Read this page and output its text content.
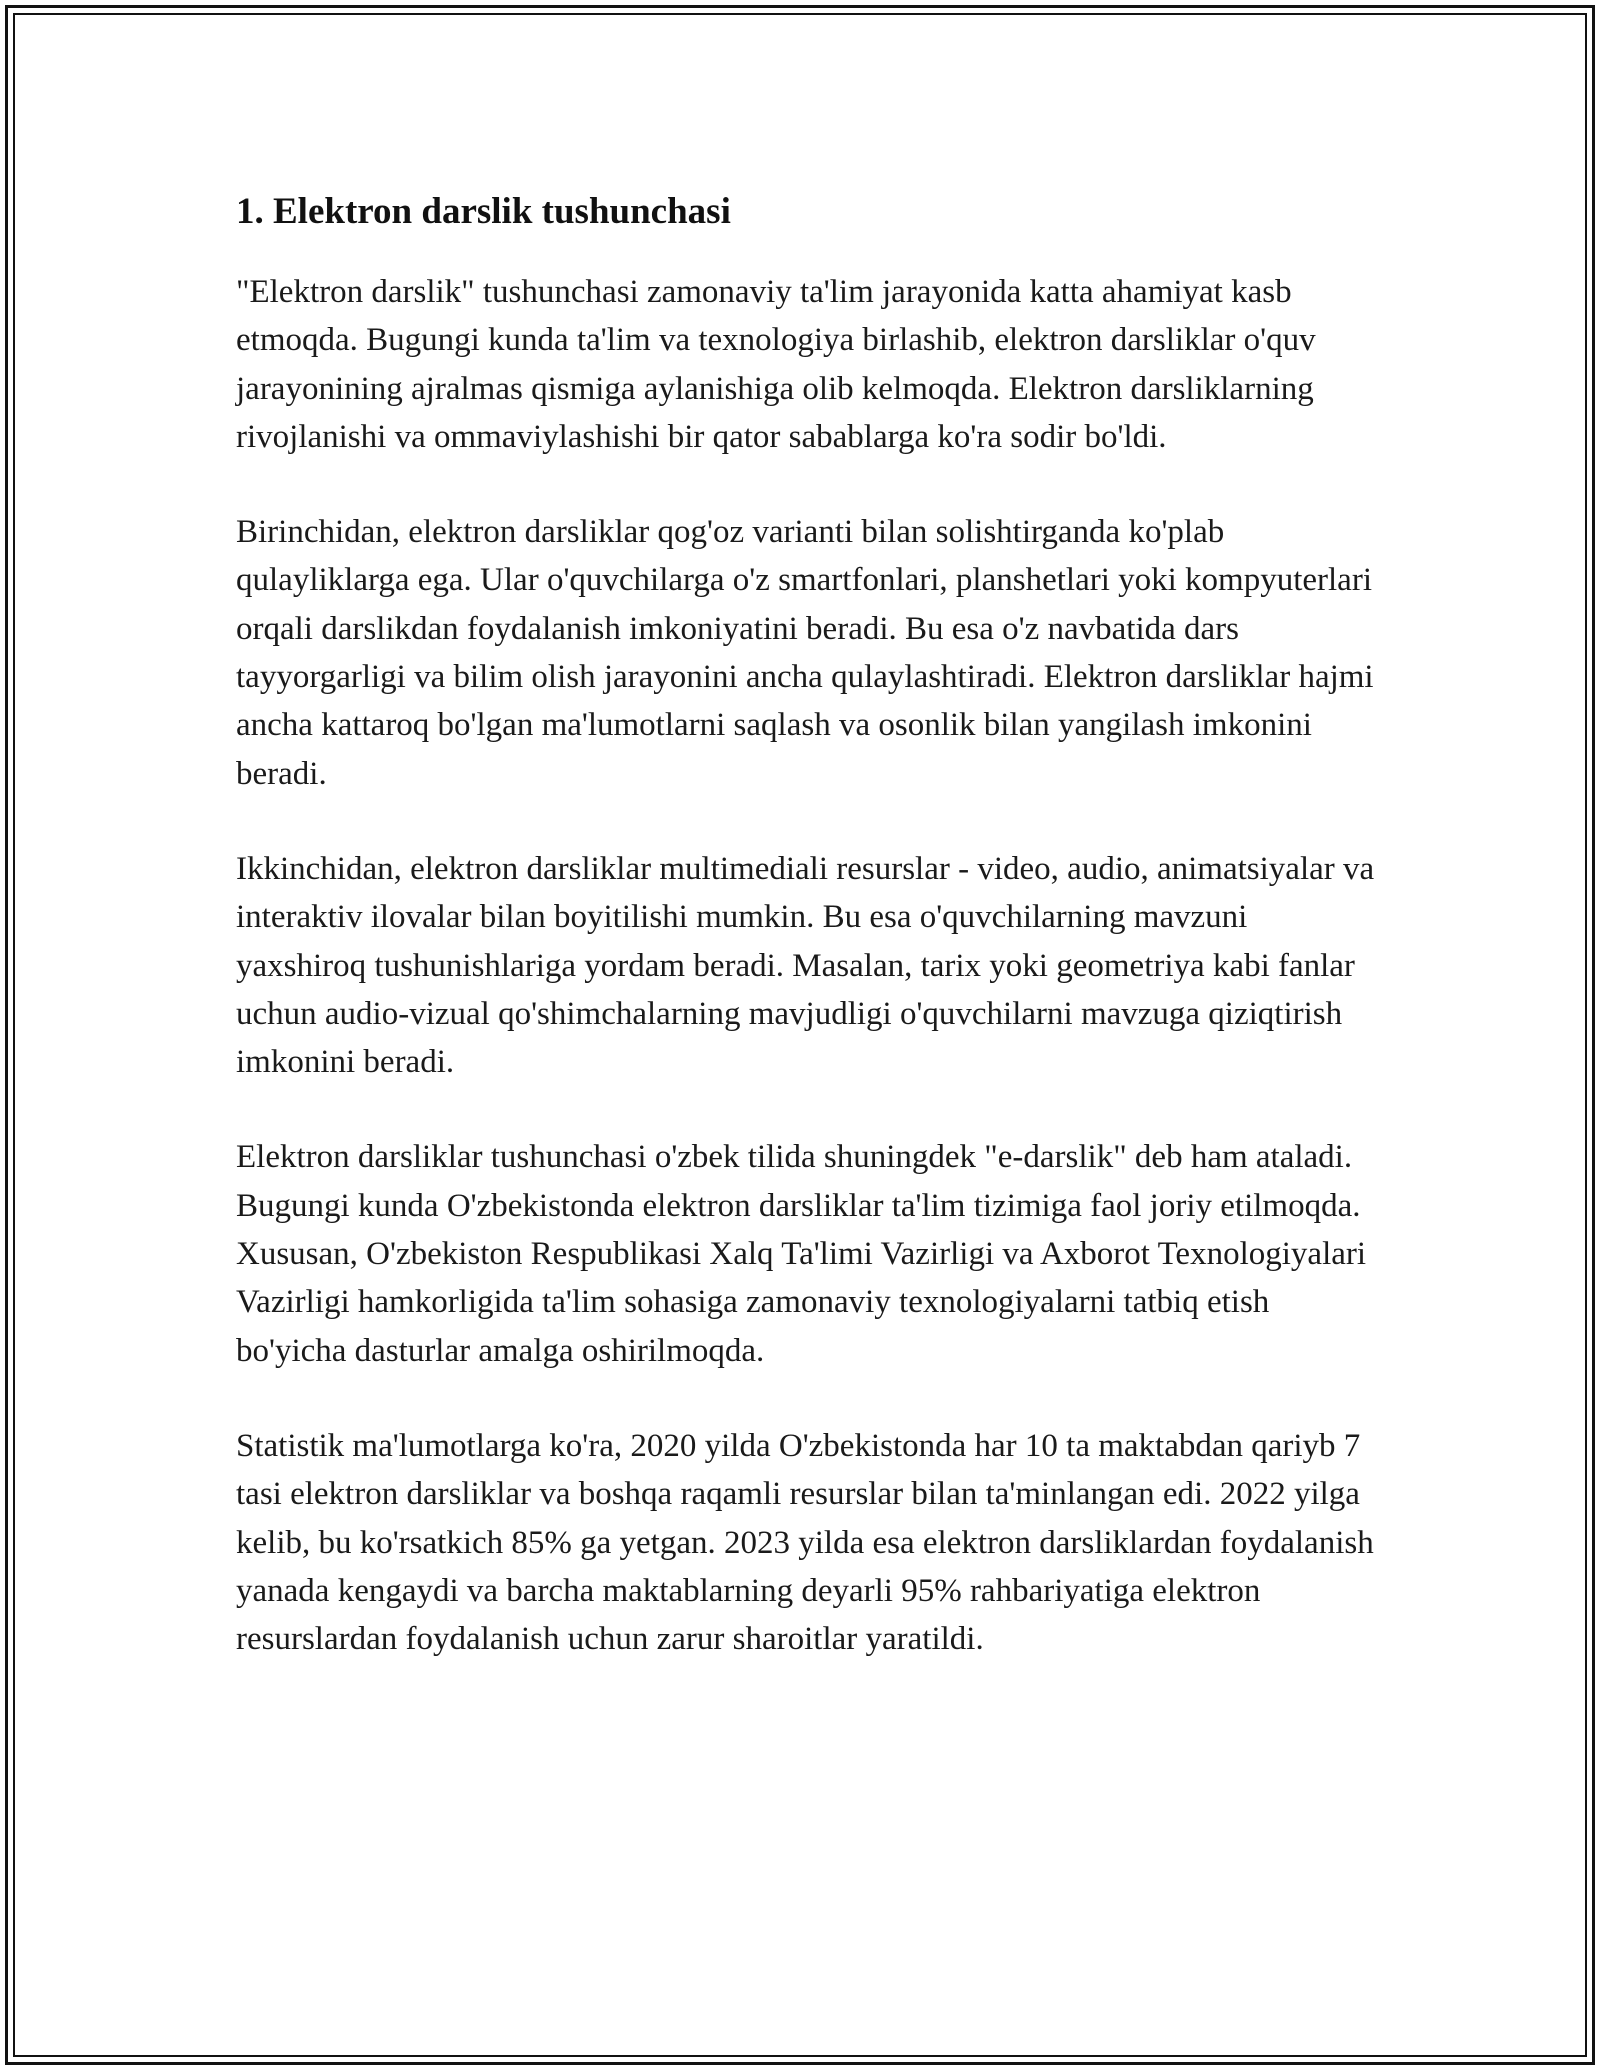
1. Elektron darslik tushunchasi

"Elektron darslik" tushunchasi zamonaviy ta'lim jarayonida katta ahamiyat kasb etmoqda. Bugungi kunda ta'lim va texnologiya birlashib, elektron darsliklar o'quv jarayonining ajralmas qismiga aylanishiga olib kelmoqda. Elektron darsliklarning rivojlanishi va ommaviylashishi bir qator sabablarga ko'ra sodir bo'ldi.

Birinchidan, elektron darsliklar qog'oz varianti bilan solishtirganda ko'plab qulayliklarga ega. Ular o'quvchilarga o'z smartfonlari, planshetlari yoki kompyuterlari orqali darslikdan foydalanish imkoniyatini beradi. Bu esa o'z navbatida dars tayyorgarligi va bilim olish jarayonini ancha qulaylashtiradi. Elektron darsliklar hajmi ancha kattaroq bo'lgan ma'lumotlarni saqlash va osonlik bilan yangilash imkonini beradi.

Ikkinchidan, elektron darsliklar multimediali resurslar - video, audio, animatsiyalar va interaktiv ilovalar bilan boyitilishi mumkin. Bu esa o'quvchilarning mavzuni yaxshiroq tushunishlariga yordam beradi. Masalan, tarix yoki geometriya kabi fanlar uchun audio-vizual qo'shimchalarning mavjudligi o'quvchilarni mavzuga qiziqtirish imkonini beradi.

Elektron darsliklar tushunchasi o'zbek tilida shuningdek "e-darslik" deb ham ataladi. Bugungi kunda O'zbekistonda elektron darsliklar ta'lim tizimiga faol joriy etilmoqda. Xususan, O'zbekiston Respublikasi Xalq Ta'limi Vazirligi va Axborot Texnologiyalari Vazirligi hamkorligida ta'lim sohasiga zamonaviy texnologiyalarni tatbiq etish bo'yicha dasturlar amalga oshirilmoqda.

Statistik ma'lumotlarga ko'ra, 2020 yilda O'zbekistonda har 10 ta maktabdan qariyb 7 tasi elektron darsliklar va boshqa raqamli resurslar bilan ta'minlangan edi. 2022 yilga kelib, bu ko'rsatkich 85% ga yetgan. 2023 yilda esa elektron darsliklardan foydalanish yanada kengaydi va barcha maktablarning deyarli 95% rahbariyatiga elektron resurslardan foydalanish uchun zarur sharoitlar yaratildi.
